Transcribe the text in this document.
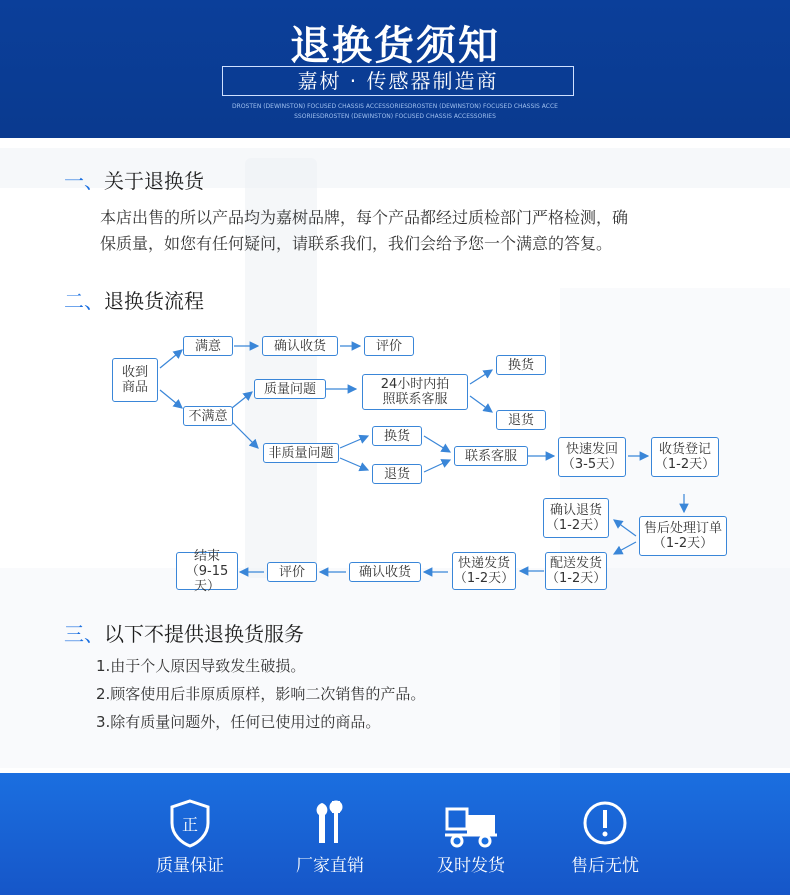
退换货须知
嘉树 · 传感器制造商
DROSTEN (DEWINSTON) FOCUSED CHASSIS ACCESSORIESDROSTEN (DEWINSTON) FOCUSED CHASSIS ACCE
SSORIESDROSTEN (DEWINSTON) FOCUSED CHASSIS ACCESSORIES
一、关于退换货
本店出售的所以产品均为嘉树品牌，每个产品都经过质检部门严格检测，确
保质量，如您有任何疑问，请联系我们，我们会给予您一个满意的答复。
二、退换货流程
收到
商品
满意	确认收货	评价
不满意
质量问题	24小时内拍
照联系客服
换货
退货
非质量问题
换货
退货
联系客服	快速发回
（3-5天）
收货登记
（1-2天）
售后处理订单
（1-2天）
确认退货
（1-2天）
配送发货
（1-2天）
快递发货
（1-2天）
确认收货
评价
结束
（9-15天）
三、以下不提供退换货服务
1.由于个人原因导致发生破损。
2.顾客使用后非原质原样，影响二次销售的产品。
3.除有质量问题外，任何已使用过的商品。
正
质量保证	厂家直销	及时发货	售后无忧
